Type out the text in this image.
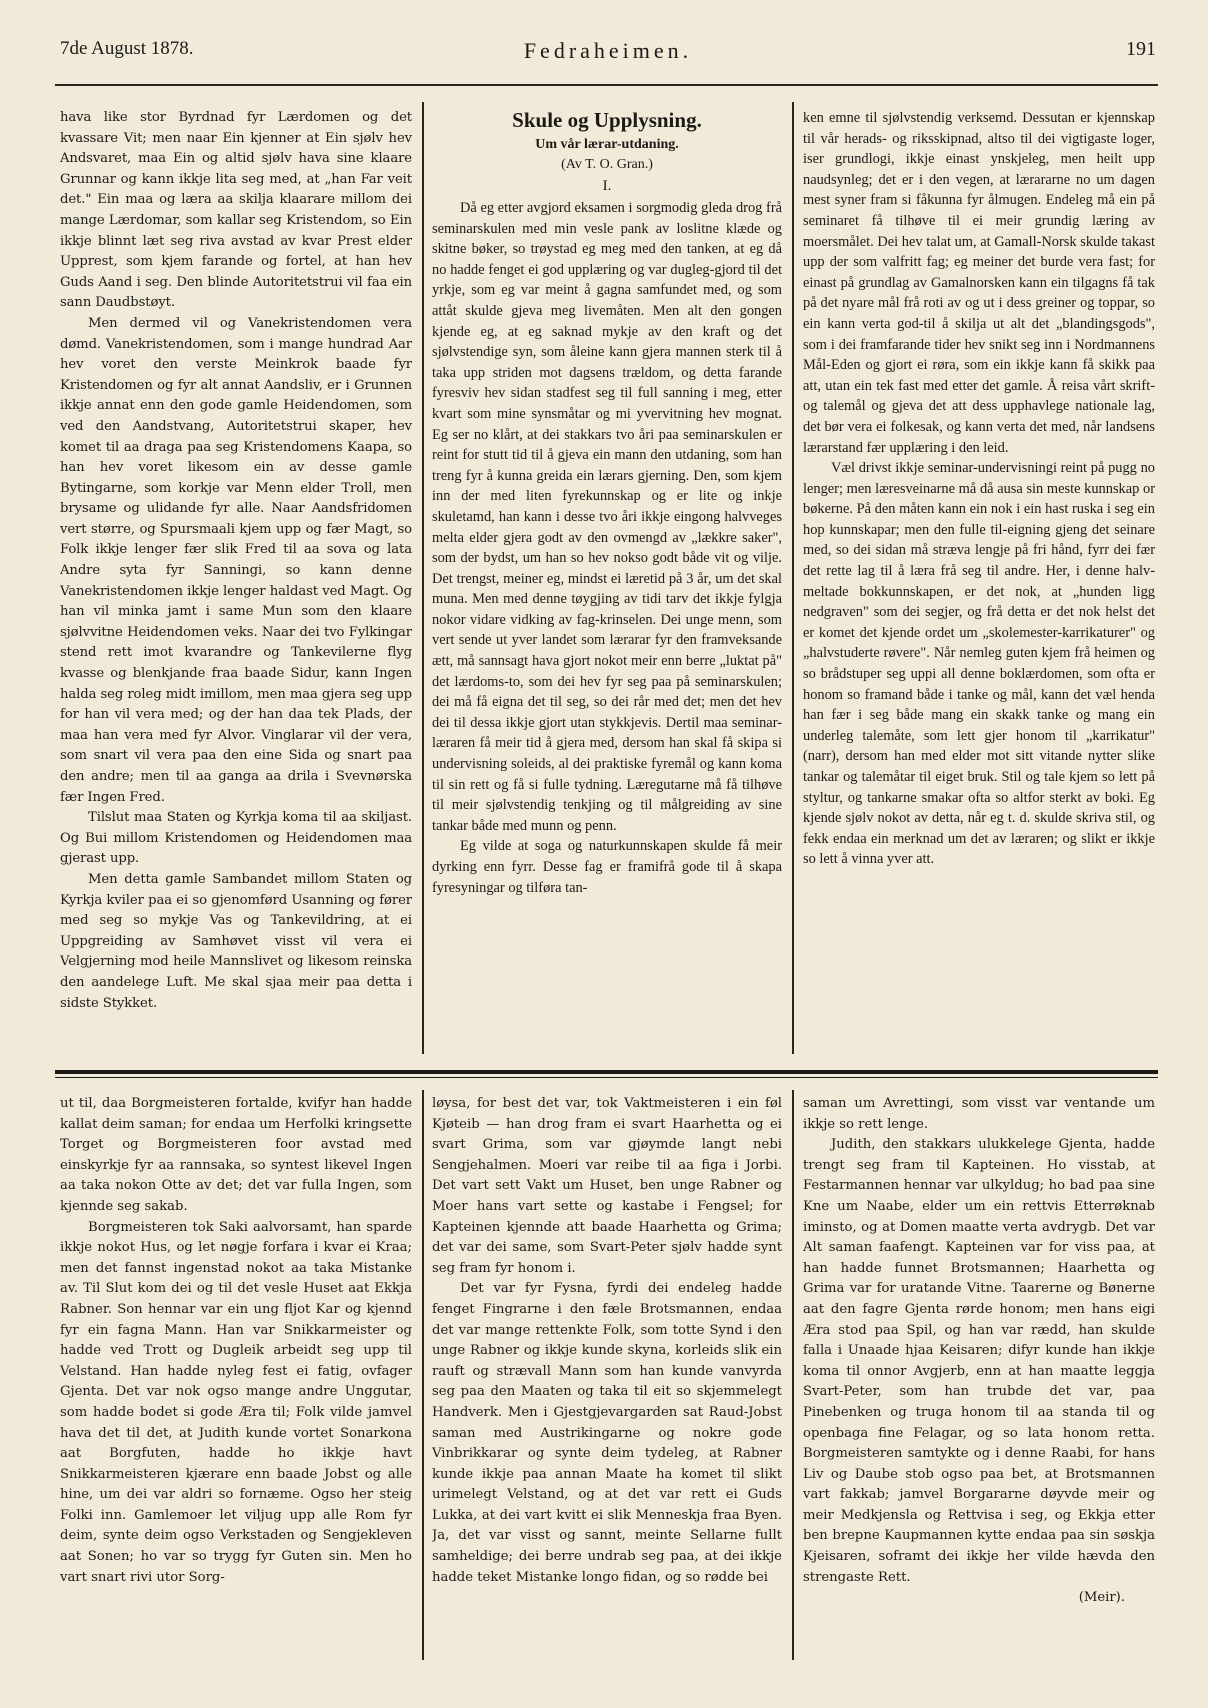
7de August 1878.	Fedraheimen.	191

hava like stor Byrdnad fyr Lærdomen og det kvassare Vit; men naar Ein kjenner at Ein sjølv hev Andsvaret, maa Ein og altid sjølv hava sine klaare Grunnar og kann ikkje lita seg med, at „han Far veit det." Ein maa og læra aa skilja klaarare millom dei mange Lærdomar, som kallar seg Kristendom, so Ein ikkje blinnt læt seg riva avstad av kvar Prest elder Upprest, som kjem farande og fortel, at han hev Guds Aand i seg. Den blinde Autoritetstrui vil faa ein sann Daudbstøyt.

Men dermed vil og Vanekristendomen vera dømd. Vanekristendomen, som i mange hundrad Aar hev voret den verste Meinkrok baade fyr Kristendomen og fyr alt annat Aandsliv, er i Grunnen ikkje annat enn den gode gamle Heidendomen, som ved den Aandstvang, Autoritetstrui skaper, hev komet til aa draga paa seg Kristendomens Kaapa, so han hev voret likesom ein av desse gamle Bytingarne, som korkje var Menn elder Troll, men brysame og ulidande fyr alle. Naar Aandsfridomen vert større, og Spursmaali kjem upp og fær Magt, so Folk ikkje lenger fær slik Fred til aa sova og lata Andre syta fyr Sanningi, so kann denne Vanekristendomen ikkje lenger haldast ved Magt. Og han vil minka jamt i same Mun som den klaare sjølvvitne Heidendomen veks. Naar dei tvo Fylkingar stend rett imot kvarandre og Tankevilerne flyg kvasse og blenkjande fraa baade Sidur, kann Ingen halda seg roleg midt imillom, men maa gjera seg upp for han vil vera med; og der han daa tek Plads, der maa han vera med fyr Alvor. Vinglarar vil der vera, som snart vil vera paa den eine Sida og snart paa den andre; men til aa ganga aa drila i Svevnørska fær Ingen Fred.

Tilslut maa Staten og Kyrkja koma til aa skiljast. Og Bui millom Kristendomen og Heidendomen maa gjerast upp.

Men detta gamle Sambandet millom Staten og Kyrkja kviler paa ei so gjenomførd Usanning og fører med seg so mykje Vas og Tankevildring, at ei Uppgreiding av Samhøvet visst vil vera ei Velgjerning mod heile Mannslivet og likesom reinska den aandelege Luft. Me skal sjaa meir paa detta i sidste Stykket.

Skule og Upplysning.
Um vår lærar-utdaning.
(Av T. O. Gran.)
I.

Då eg etter avgjord eksamen i sorgmodig gleda drog frå seminarskulen med min vesle pank av loslitne klæde og skitne bøker, so trøystad eg meg med den tanken, at eg då no hadde fenget ei god upplæring og var dugleg-gjord til det yrkje, som eg var meint å gagna samfundet med, og som attåt skulde gjeva meg livemåten. Men alt den gongen kjende eg, at eg saknad mykje av den kraft og det sjølvstendige syn, som åleine kann gjera mannen sterk til å taka upp striden mot dagsens trældom, og detta farande fyresviv hev sidan stadfest seg til full sanning i meg, etter kvart som mine synsmåtar og mi yvervitning hev mognat. Eg ser no klårt, at dei stakkars tvo åri paa seminarskulen er reint for stutt tid til å gjeva ein mann den utdaning, som han treng fyr å kunna greida ein lærars gjerning. Den, som kjem inn der med liten fyrekunnskap og er lite og inkje skuletamd, han kann i desse tvo åri ikkje eingong halvveges melta elder gjera godt av den ovmengd av „lækkre saker", som der bydst, um han so hev nokso godt både vit og vilje. Det trengst, meiner eg, mindst ei læretid på 3 år, um det skal muna. Men med denne tøygjing av tidi tarv det ikkje fylgja nokor vidare vidking av fag-krinselen. Dei unge menn, som vert sende ut yver landet som lærarar fyr den framveksande ætt, må sannsagt hava gjort nokot meir enn berre „luktat på" det lærdoms-to, som dei hev fyr seg paa på seminarskulen; dei må få eigna det til seg, so dei rår med det; men det hev dei til dessa ikkje gjort utan stykkjevis. Dertil maa seminar-læraren få meir tid å gjera med, dersom han skal få skipa si undervisning soleids, al dei praktiske fyremål og kann koma til sin rett og få si fulle tydning. Læregutarne må få tilhøve til meir sjølvstendig tenkjing og til målgreiding av sine tankar både med munn og penn.

Eg vilde at soga og naturkunnskapen skulde få meir dyrking enn fyrr. Desse fag er framifrå gode til å skapa fyresyningar og tilføra tan-

ken emne til sjølvstendig verksemd. Dessutan er kjennskap til vår herads- og riksskipnad, altso til dei vigtigaste loger, iser grundlogi, ikkje einast ynskjeleg, men heilt upp naudsynleg; det er i den vegen, at lærararne no um dagen mest syner fram si fåkunna fyr ålmugen. Endeleg må ein på seminaret få tilhøve til ei meir grundig læring av moersmålet. Dei hev talat um, at Gamall-Norsk skulde takast upp der som valfritt fag; eg meiner det burde vera fast; for einast på grundlag av Gamalnorsken kann ein tilgagns få tak på det nyare mål frå roti av og ut i dess greiner og toppar, so ein kann verta god-til å skilja ut alt det „blandingsgods", som i dei framfarande tider hev snikt seg inn i Nordmannens Mål-Eden og gjort ei røra, som ein ikkje kann få skikk paa att, utan ein tek fast med etter det gamle. Å reisa vårt skrift- og talemål og gjeva det att dess upphavlege nationale lag, det bør vera ei folkesak, og kann verta det med, når landsens lærarstand fær upplæring i den leid.

Væl drivst ikkje seminar-undervisningi reint på pugg no lenger; men læresveinarne må då ausa sin meste kunnskap or bøkerne. På den måten kann ein nok i ein hast ruska i seg ein hop kunnskapar; men den fulle til-eigning gjeng det seinare med, so dei sidan må stræva lengje på fri hånd, fyrr dei fær det rette lag til å læra frå seg til andre. Her, i denne halv-meltade bokkunnskapen, er det nok, at „hunden ligg nedgraven" som dei segjer, og frå detta er det nok helst det er komet det kjende ordet um „skolemester-karrikaturer" og „halvstuderte røvere". Når nemleg guten kjem frå heimen og so brådstuper seg uppi all denne boklærdomen, som ofta er honom so framand både i tanke og mål, kann det væl henda han fær i seg både mang ein skakk tanke og mang ein underleg talemåte, som lett gjer honom til „karrikatur" (narr), dersom han med elder mot sitt vitande nytter slike tankar og talemåtar til eiget bruk. Stil og tale kjem so lett på styltur, og tankarne smakar ofta so altfor sterkt av boki. Eg kjende sjølv nokot av detta, når eg t. d. skulde skriva stil, og fekk endaa ein merknad um det av læraren; og slikt er ikkje so lett å vinna yver att.

ut til, daa Borgmeisteren fortalde, kvifyr han hadde kallat deim saman; for endaa um Herfolki kringsette Torget og Borgmeisteren foor avstad med einskyrkje fyr aa rannsaka, so syntest likevel Ingen aa taka nokon Otte av det; det var fulla Ingen, som kjennde seg sakab.

Borgmeisteren tok Saki aalvorsamt, han sparde ikkje nokot Hus, og let nøgje forfara i kvar ei Kraa; men det fannst ingenstad nokot aa taka Mistanke av. Til Slut kom dei og til det vesle Huset aat Ekkja Rabner. Son hennar var ein ung fljot Kar og kjennd fyr ein fagna Mann. Han var Snikkarmeister og hadde ved Trott og Dugleik arbeidt seg upp til Velstand. Han hadde nyleg fest ei fatig, ovfager Gjenta. Det var nok ogso mange andre Unggutar, som hadde bodet si gode Æra til; Folk vilde jamvel hava det til det, at Judith kunde vortet Sonarkona aat Borgfuten, hadde ho ikkje havt Snikkarmeisteren kjærare enn baade Jobst og alle hine, um dei var aldri so fornæme. Ogso her steig Folki inn. Gamlemoer let viljug upp alle Rom fyr deim, synte deim ogso Verkstaden og Sengjekleven aat Sonen; ho var so trygg fyr Guten sin. Men ho vart snart rivi utor Sorg-

løysa, for best det var, tok Vaktmeisteren i ein føl Kjøteib — han drog fram ei svart Haarhetta og ei svart Grima, som var gjøymde langt nebi Sengjehalmen. Moeri var reibe til aa figa i Jorbi. Det vart sett Vakt um Huset, ben unge Rabner og Moer hans vart sette og kastabe i Fengsel; for Kapteinen kjennde att baade Haarhetta og Grima; det var dei same, som Svart-Peter sjølv hadde synt seg fram fyr honom i.

Det var fyr Fysna, fyrdi dei endeleg hadde fenget Fingrarne i den fæle Brotsmannen, endaa det var mange rettenkte Folk, som totte Synd i den unge Rabner og ikkje kunde skyna, korleids slik ein rauft og strævall Mann som han kunde vanvyrda seg paa den Maaten og taka til eit so skjemmelegt Handverk. Men i Gjestgjevargarden sat Raud-Jobst saman med Austrikingarne og nokre gode Vinbrikkarar og synte deim tydeleg, at Rabner kunde ikkje paa annan Maate ha komet til slikt urimelegt Velstand, og at det var rett ei Guds Lukka, at dei vart kvitt ei slik Menneskja fraa Byen. Ja, det var visst og sannt, meinte Sellarne fullt samheldige; dei berre undrab seg paa, at dei ikkje hadde teket Mistanke longo fidan, og so rødde bei

saman um Avrettingi, som visst var ventande um ikkje so rett lenge.

Judith, den stakkars ulukkelege Gjenta, hadde trengt seg fram til Kapteinen. Ho visstab, at Festarmannen hennar var ulkyldug; ho bad paa sine Kne um Naabe, elder um ein rettvis Etterrøknab iminsto, og at Domen maatte verta avdrygb. Det var Alt saman faafengt. Kapteinen var for viss paa, at han hadde funnet Brotsmannen; Haarhetta og Grima var for uratande Vitne. Taarerne og Bønerne aat den fagre Gjenta rørde honom; men hans eigi Æra stod paa Spil, og han var rædd, han skulde falla i Unaade hjaa Keisaren; difyr kunde han ikkje koma til onnor Avgjerb, enn at han maatte leggja Svart-Peter, som han trubde det var, paa Pinebenken og truga honom til aa standa til og openbaga fine Felagar, og so lata honom retta. Borgmeisteren samtykte og i denne Raabi, for hans Liv og Daube stob ogso paa bet, at Brotsmannen vart fakkab; jamvel Borgararne døyvde meir og meir Medkjensla og Rettvisa i seg, og Ekkja etter ben brepne Kaupmannen kytte endaa paa sin søskja Kjeisaren, soframt dei ikkje her vilde hævda den strengaste Rett.

(Meir).
